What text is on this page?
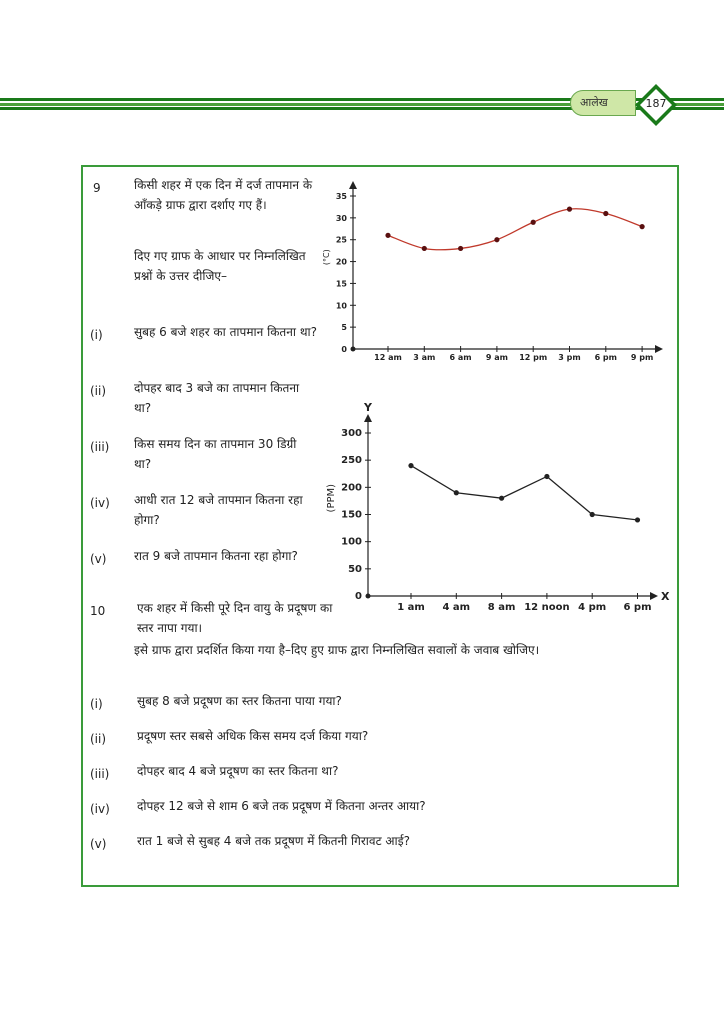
आलेख	187
9	किसी शहर में एक दिन में दर्ज तापमान के आँकड़े ग्राफ द्वारा दर्शाए गए हैं।
दिए गए ग्राफ के आधार पर निम्नलिखित प्रश्नों के उत्तर दीजिए–
(i)	सुबह 6 बजे शहर का तापमान कितना था?
(ii) दोपहर बाद 3 बजे का तापमान कितना था?
(iii) किस समय दिन का तापमान 30 डिग्री था?
(iv) आधी रात 12 बजे तापमान कितना रहा होगा?
(v) रात 9 बजे तापमान कितना रहा होगा?
10	एक शहर में किसी पूरे दिन वायु के प्रदूषण का स्तर नापा गया।
इसे ग्राफ द्वारा प्रदर्शित किया गया है–दिए हुए ग्राफ द्वारा निम्नलिखित सवालों के जवाब खोजिए।
(i)	सुबह 8 बजे प्रदूषण का स्तर कितना पाया गया?
(ii)	प्रदूषण स्तर सबसे अधिक किस समय दर्ज किया गया?
(iii) दोपहर बाद 4 बजे प्रदूषण का स्तर कितना था?
(iv) दोपहर 12 बजे से शाम 6 बजे तक प्रदूषण में कितना अन्तर आया?
(v)	रात 1 बजे से सुबह 4 बजे तक प्रदूषण में कितनी गिरावट आई?
0
5
10
15
20
25
30
35
12 am 3 am 6 am 9 am 12 pm 3 pm 6 pm 9 pm
(°C)
0
50
100
150
200
250
300
1 am 4 am 8 am 12 noon 4 pm 6 pm
(PPM)
X
Y
